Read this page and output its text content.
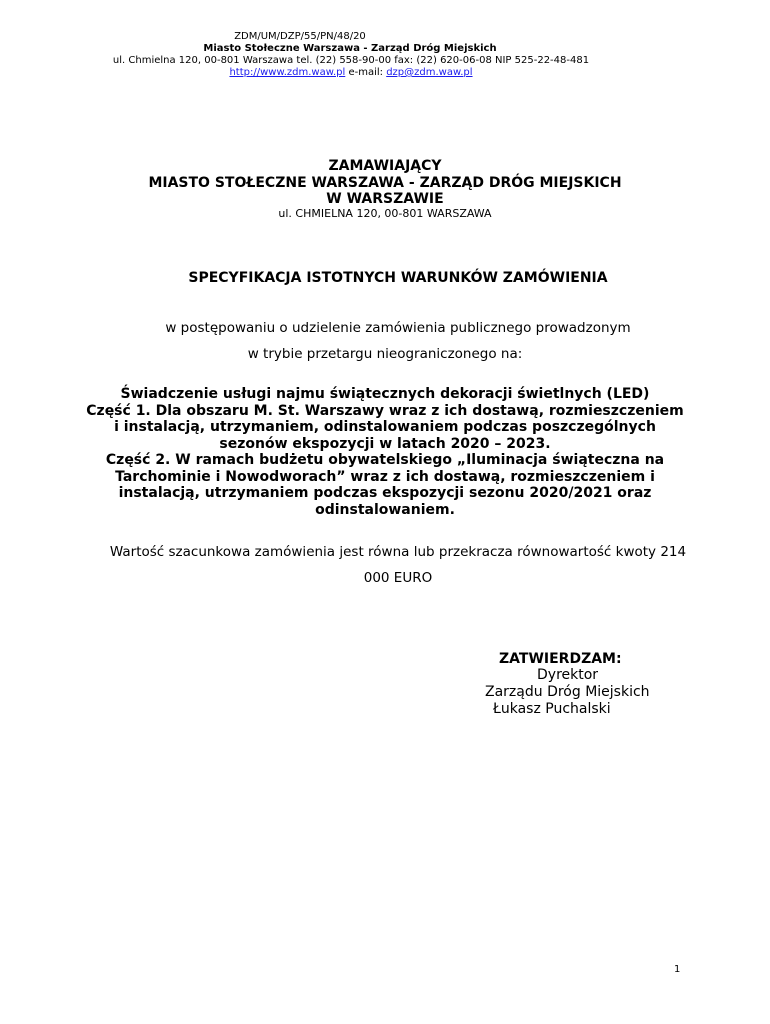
ZDM/UM/DZP/55/PN/48/20
Miasto Stołeczne Warszawa - Zarząd Dróg Miejskich
ul. Chmielna 120, 00-801 Warszawa tel. (22) 558-90-00 fax: (22) 620-06-08 NIP 525-22-48-481
http://www.zdm.waw.pl e-mail: dzp@zdm.waw.pl
ZAMAWIAJĄCY
MIASTO STOŁECZNE WARSZAWA - ZARZĄD DRÓG MIEJSKICH
W WARSZAWIE
ul. CHMIELNA 120, 00-801 WARSZAWA
SPECYFIKACJA ISTOTNYCH WARUNKÓW ZAMÓWIENIA
w postępowaniu o udzielenie zamówienia publicznego prowadzonym
w trybie przetargu nieograniczonego na:
Świadczenie usługi najmu świątecznych dekoracji świetlnych (LED)
Część 1. Dla obszaru M. St. Warszawy wraz z ich dostawą, rozmieszczeniem
i instalacją, utrzymaniem, odinstalowaniem podczas poszczególnych
sezonów ekspozycji w latach 2020 – 2023.
Część 2. W ramach budżetu obywatelskiego „Iluminacja świąteczna na
Tarchominie i Nowodworach” wraz z ich dostawą, rozmieszczeniem i
instalacją, utrzymaniem podczas ekspozycji sezonu 2020/2021 oraz
odinstalowaniem.
Wartość szacunkowa zamówienia jest równa lub przekracza równowartość kwoty 214
000 EURO
ZATWIERDZAM:
Dyrektor
Zarządu Dróg Miejskich
Łukasz Puchalski
1
